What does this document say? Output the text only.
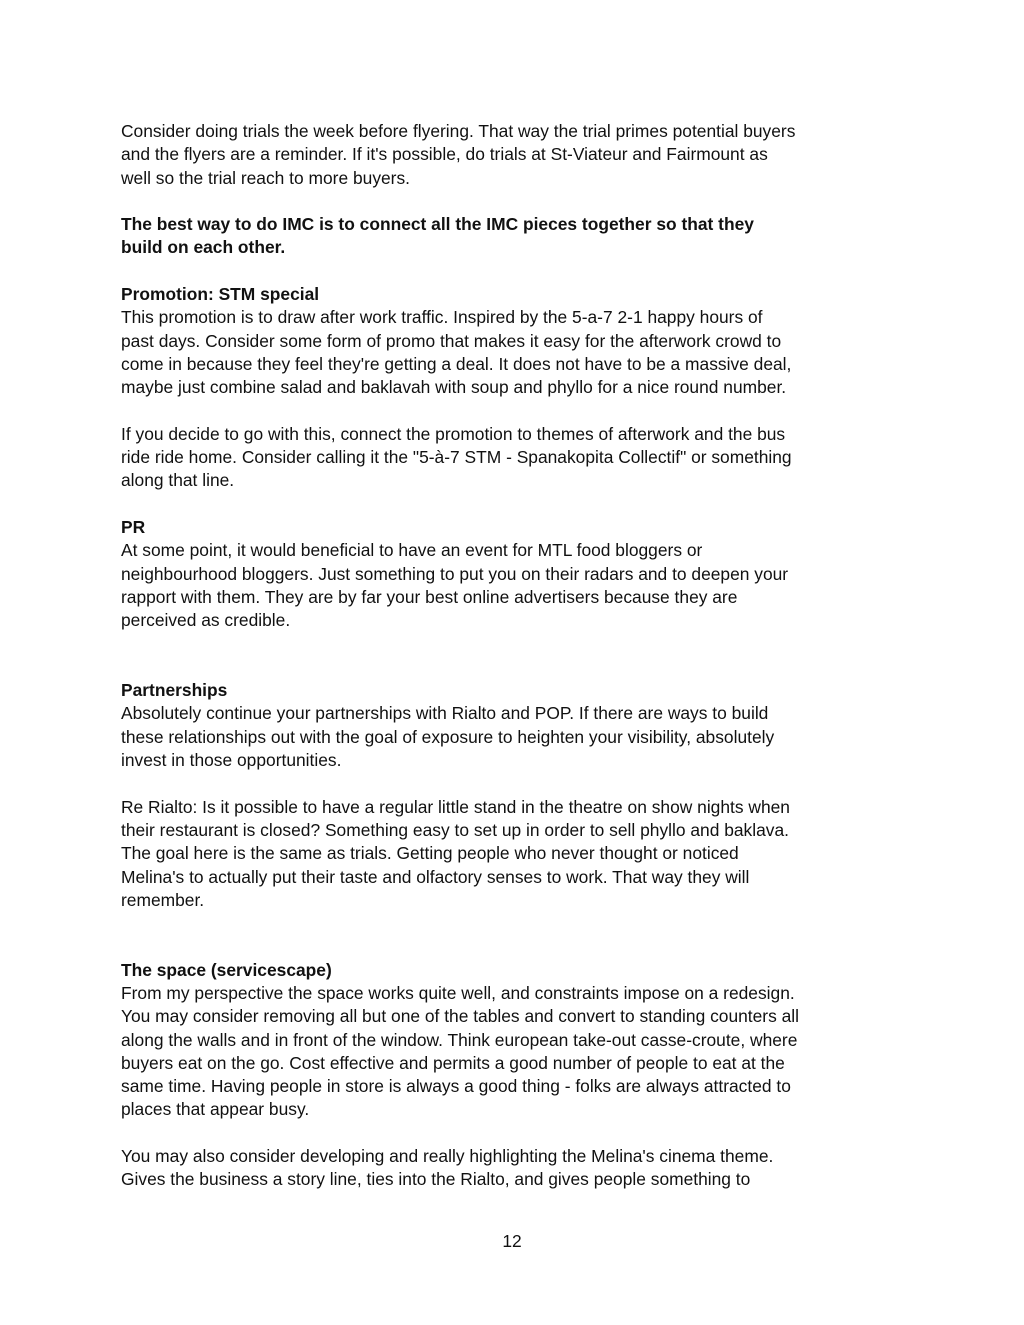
Consider doing trials the week before flyering. That way the trial primes potential buyers
and the flyers are a reminder. If it's possible, do trials at St-Viateur and Fairmount as
well so the trial reach to more buyers.
The best way to do IMC is to connect all the IMC pieces together so that they
build on each other.
Promotion: STM special
This promotion is to draw after work traffic. Inspired by the 5-a-7 2-1 happy hours of
past days. Consider some form of promo that makes it easy for the afterwork crowd to
come in because they feel they're getting a deal. It does not have to be a massive deal,
maybe just combine salad and baklavah with soup and phyllo for a nice round number.
If you decide to go with this, connect the promotion to themes of afterwork and the bus
ride ride home. Consider calling it the "5-à-7 STM - Spanakopita Collectif" or something
along that line.
PR
At some point, it would beneficial to have an event for MTL food bloggers or
neighbourhood bloggers. Just something to put you on their radars and to deepen your
rapport with them. They are by far your best online advertisers because they are
perceived as credible.
Partnerships
Absolutely continue your partnerships with Rialto and POP. If there are ways to build
these relationships out with the goal of exposure to heighten your visibility, absolutely
invest in those opportunities.
Re Rialto: Is it possible to have a regular little stand in the theatre on show nights when
their restaurant is closed? Something easy to set up in order to sell phyllo and baklava.
The goal here is the same as trials. Getting people who never thought or noticed
Melina's to actually put their taste and olfactory senses to work. That way they will
remember.
The space (servicescape)
From my perspective the space works quite well, and constraints impose on a redesign.
You may consider removing all but one of the tables and convert to standing counters all
along the walls and in front of the window. Think european take-out casse-croute, where
buyers eat on the go. Cost effective and permits a good number of people to eat at the
same time. Having people in store is always a good thing - folks are always attracted to
places that appear busy.
You may also consider developing and really highlighting the Melina's cinema theme.
Gives the business a story line, ties into the Rialto, and gives people something to
12
